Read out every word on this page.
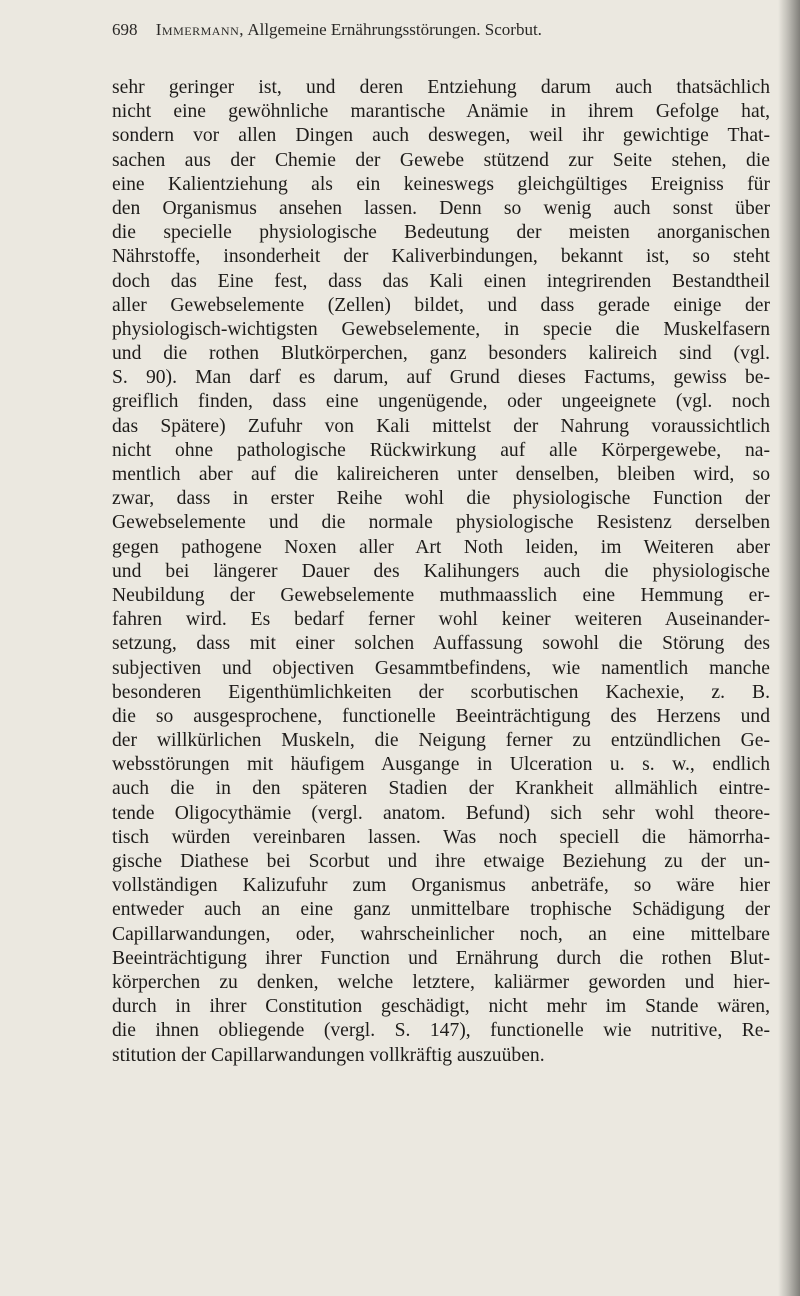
698 Immermann, Allgemeine Ernährungsstörungen. Scorbut.
sehr geringer ist, und deren Entziehung darum auch thatsächlich
nicht eine gewöhnliche marantische Anämie in ihrem Gefolge hat,
sondern vor allen Dingen auch deswegen, weil ihr gewichtige That-
sachen aus der Chemie der Gewebe stützend zur Seite stehen, die
eine Kalientziehung als ein keineswegs gleichgültiges Ereigniss für
den Organismus ansehen lassen. Denn so wenig auch sonst über
die specielle physiologische Bedeutung der meisten anorganischen
Nährstoffe, insonderheit der Kaliverbindungen, bekannt ist, so steht
doch das Eine fest, dass das Kali einen integrirenden Bestandtheil
aller Gewebselemente (Zellen) bildet, und dass gerade einige der
physiologisch-wichtigsten Gewebselemente, in specie die Muskelfasern
und die rothen Blutkörperchen, ganz besonders kalireich sind (vgl.
S. 90). Man darf es darum, auf Grund dieses Factums, gewiss be-
greiflich finden, dass eine ungenügende, oder ungeeignete (vgl. noch
das Spätere) Zufuhr von Kali mittelst der Nahrung voraussichtlich
nicht ohne pathologische Rückwirkung auf alle Körpergewebe, na-
mentlich aber auf die kalireicheren unter denselben, bleiben wird, so
zwar, dass in erster Reihe wohl die physiologische Function der
Gewebselemente und die normale physiologische Resistenz derselben
gegen pathogene Noxen aller Art Noth leiden, im Weiteren aber
und bei längerer Dauer des Kalihungers auch die physiologische
Neubildung der Gewebselemente muthmaasslich eine Hemmung er-
fahren wird. Es bedarf ferner wohl keiner weiteren Auseinander-
setzung, dass mit einer solchen Auffassung sowohl die Störung des
subjectiven und objectiven Gesammtbefindens, wie namentlich manche
besonderen Eigenthümlichkeiten der scorbutischen Kachexie, z. B.
die so ausgesprochene, functionelle Beeinträchtigung des Herzens und
der willkürlichen Muskeln, die Neigung ferner zu entzündlichen Ge-
websstörungen mit häufigem Ausgange in Ulceration u. s. w., endlich
auch die in den späteren Stadien der Krankheit allmählich eintre-
tende Oligocythämie (vergl. anatom. Befund) sich sehr wohl theore-
tisch würden vereinbaren lassen. Was noch speciell die hämorrha-
gische Diathese bei Scorbut und ihre etwaige Beziehung zu der un-
vollständigen Kalizufuhr zum Organismus anbeträfe, so wäre hier
entweder auch an eine ganz unmittelbare trophische Schädigung der
Capillarwandungen, oder, wahrscheinlicher noch, an eine mittelbare
Beeinträchtigung ihrer Function und Ernährung durch die rothen Blut-
körperchen zu denken, welche letztere, kaliärmer geworden und hier-
durch in ihrer Constitution geschädigt, nicht mehr im Stande wären,
die ihnen obliegende (vergl. S. 147), functionelle wie nutritive, Re-
stitution der Capillarwandungen vollkräftig auszuüben.
